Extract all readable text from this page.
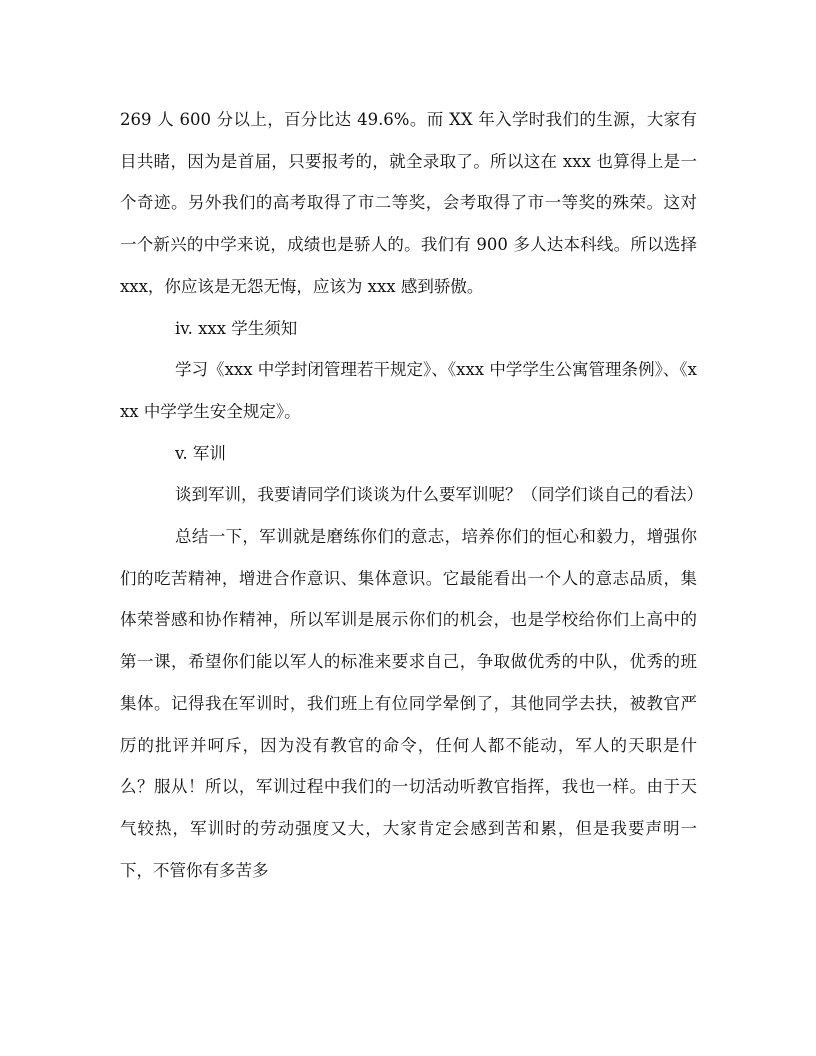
269 人 600 分以上，百分比达 49.6%。而 XX 年入学时我们的生源，大家有目共睹，因为是首届，只要报考的，就全录取了。所以这在 xxx 也算得上是一个奇迹。另外我们的高考取得了市二等奖，会考取得了市一等奖的殊荣。这对一个新兴的中学来说，成绩也是骄人的。我们有 900 多人达本科线。所以选择 xxx，你应该是无怨无悔，应该为 xxx 感到骄傲。

iv. xxx 学生须知

学习《xxx 中学封闭管理若干规定》、《xxx 中学学生公寓管理条例》、《xxx 中学学生安全规定》。

v. 军训

谈到军训，我要请同学们谈谈为什么要军训呢？（同学们谈自己的看法）

总结一下，军训就是磨练你们的意志，培养你们的恒心和毅力，增强你们的吃苦精神，增进合作意识、集体意识。它最能看出一个人的意志品质，集体荣誉感和协作精神，所以军训是展示你们的机会，也是学校给你们上高中的第一课，希望你们能以军人的标准来要求自己，争取做优秀的中队，优秀的班集体。记得我在军训时，我们班上有位同学晕倒了，其他同学去扶，被教官严厉的批评并呵斥，因为没有教官的命令，任何人都不能动，军人的天职是什么？服从！所以，军训过程中我们的一切活动听教官指挥，我也一样。由于天气较热，军训时的劳动强度又大，大家肯定会感到苦和累，但是我要声明一下，不管你有多苦多
